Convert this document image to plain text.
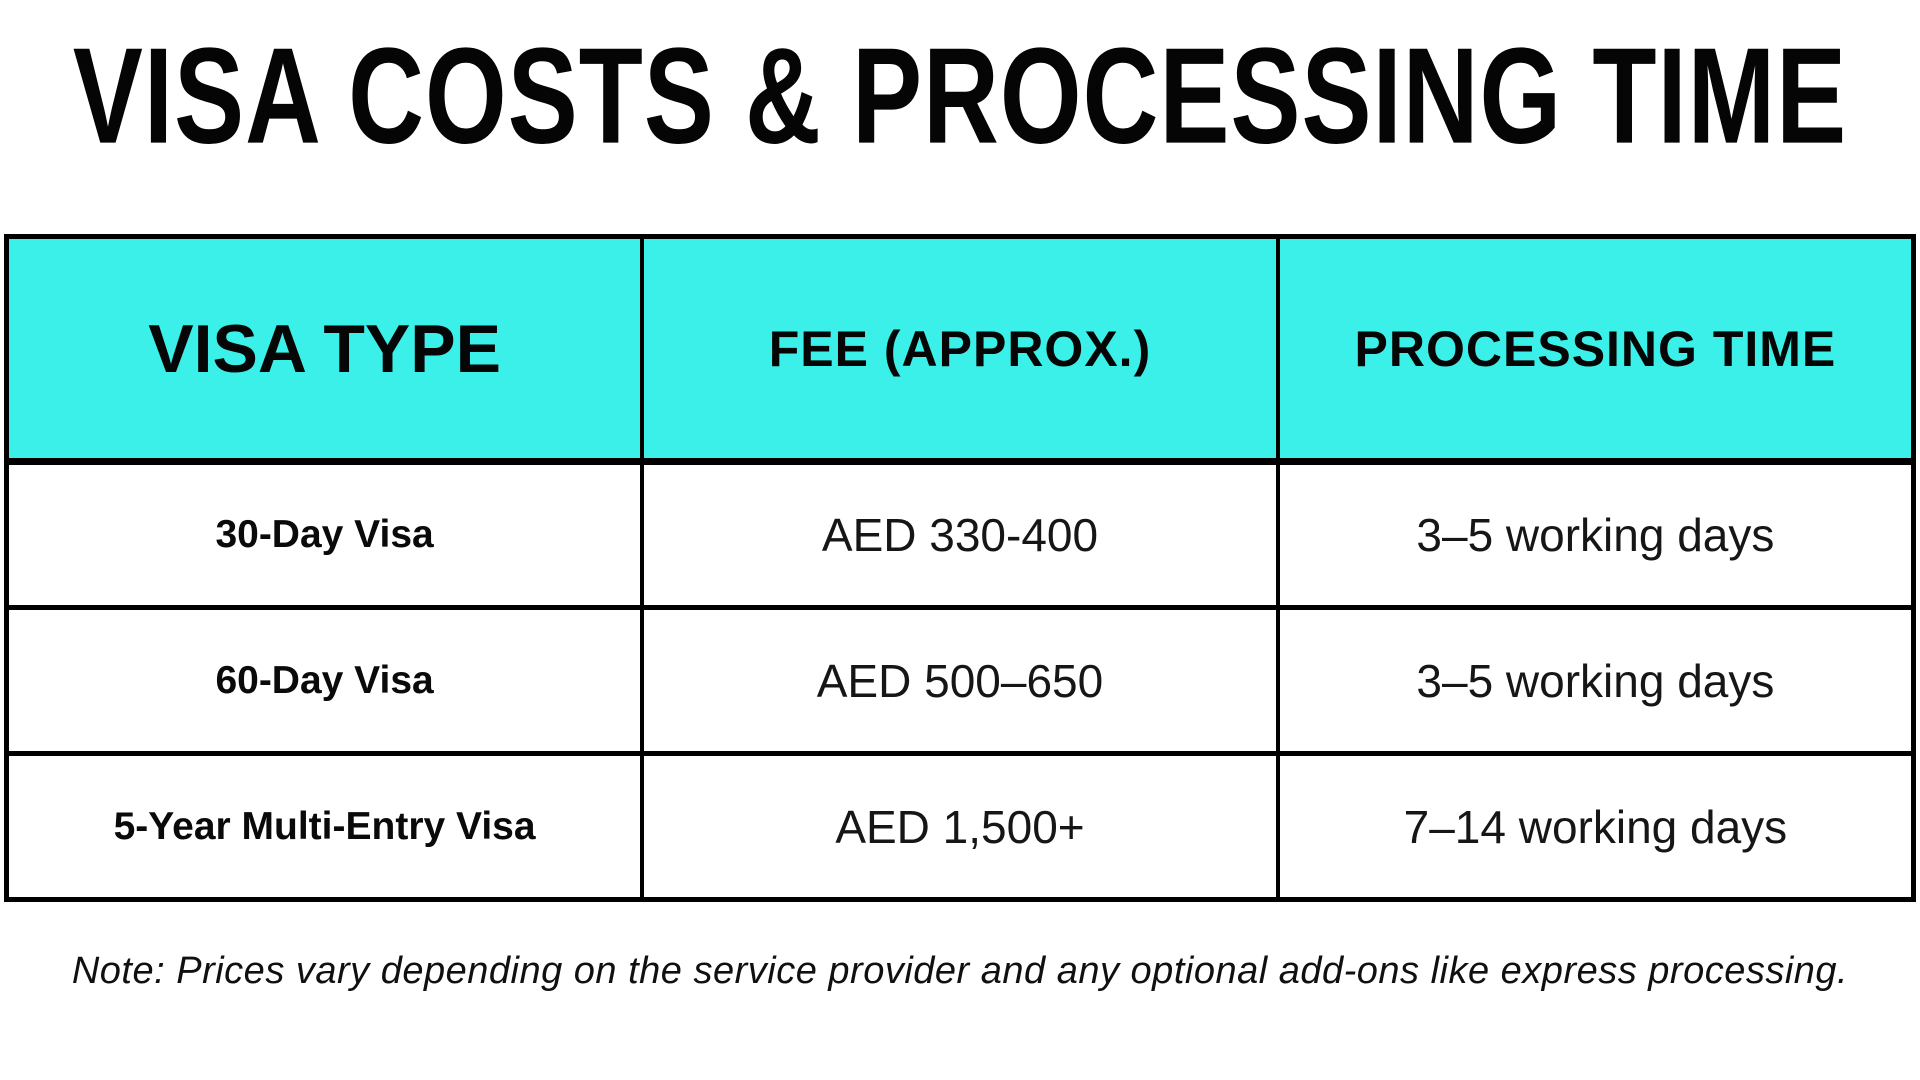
VISA COSTS & PROCESSING TIME
VISA TYPE	FEE (APPROX.)	PROCESSING TIME
30-Day Visa	AED 330-400	3–5 working days
60-Day Visa	AED 500–650	3–5 working days
5-Year Multi-Entry Visa	AED 1,500+	7–14 working days

Note: Prices vary depending on the service provider and any optional add-ons like express processing.
